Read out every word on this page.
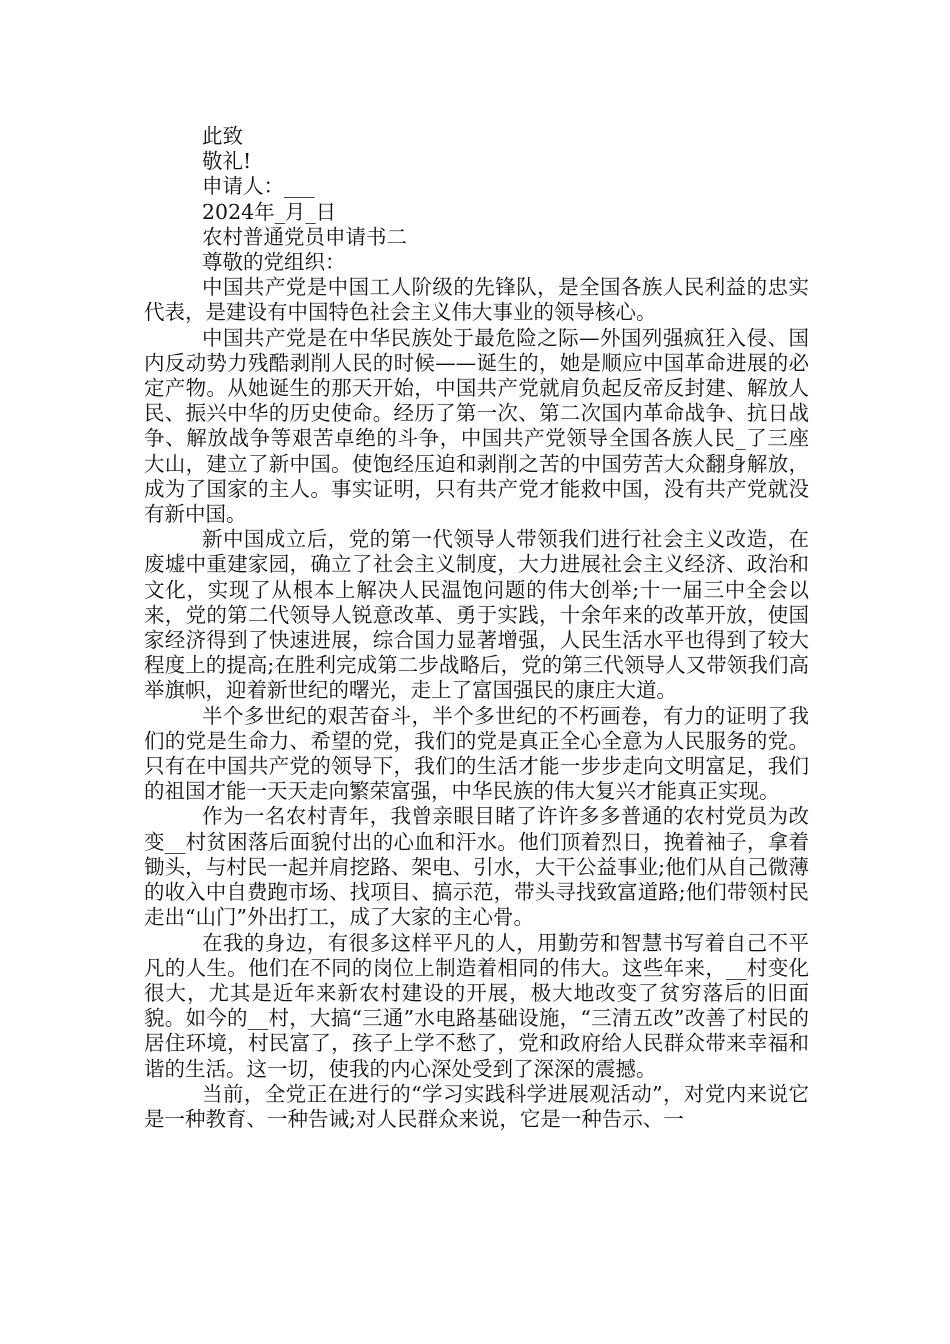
此致

敬礼!

申请人：___

2024年_月_日

农村普通党员申请书二

尊敬的党组织：

中国共产党是中国工人阶级的先锋队，是全国各族人民利益的忠实代表，是建设有中国特色社会主义伟大事业的领导核心。

中国共产党是在中华民族处于最危险之际—外国列强疯狂入侵、国内反动势力残酷剥削人民的时候——诞生的，她是顺应中国革命进展的必定产物。从她诞生的那天开始，中国共产党就肩负起反帝反封建、解放人民、振兴中华的历史使命。经历了第一次、第二次国内革命战争、抗日战争、解放战争等艰苦卓绝的斗争，中国共产党领导全国各族人民_了三座大山，建立了新中国。使饱经压迫和剥削之苦的中国劳苦大众翻身解放，成为了国家的主人。事实证明，只有共产党才能救中国，没有共产党就没有新中国。

新中国成立后，党的第一代领导人带领我们进行社会主义改造，在废墟中重建家园，确立了社会主义制度，大力进展社会主义经济、政治和文化，实现了从根本上解决人民温饱问题的伟大创举;十一届三中全会以来，党的第二代领导人锐意改革、勇于实践，十余年来的改革开放，使国家经济得到了快速进展，综合国力显著增强，人民生活水平也得到了较大程度上的提高;在胜利完成第二步战略后，党的第三代领导人又带领我们高举旗帜，迎着新世纪的曙光，走上了富国强民的康庄大道。

半个多世纪的艰苦奋斗，半个多世纪的不朽画卷，有力的证明了我们的党是生命力、希望的党，我们的党是真正全心全意为人民服务的党。只有在中国共产党的领导下，我们的生活才能一步步走向文明富足，我们的祖国才能一天天走向繁荣富强，中华民族的伟大复兴才能真正实现。

作为一名农村青年，我曾亲眼目睹了许许多多普通的农村党员为改变__村贫困落后面貌付出的心血和汗水。他们顶着烈日，挽着袖子，拿着锄头，与村民一起并肩挖路、架电、引水，大干公益事业;他们从自己微薄的收入中自费跑市场、找项目、搞示范，带头寻找致富道路;他们带领村民走出“山门”外出打工，成了大家的主心骨。

在我的身边，有很多这样平凡的人，用勤劳和智慧书写着自己不平凡的人生。他们在不同的岗位上制造着相同的伟大。这些年来，__村变化很大，尤其是近年来新农村建设的开展，极大地改变了贫穷落后的旧面貌。如今的__村，大搞“三通”水电路基础设施，“三清五改”改善了村民的居住环境，村民富了，孩子上学不愁了，党和政府给人民群众带来幸福和谐的生活。这一切，使我的内心深处受到了深深的震撼。

当前，全党正在进行的“学习实践科学进展观活动”，对党内来说它是一种教育、一种告诫;对人民群众来说，它是一种告示、一
